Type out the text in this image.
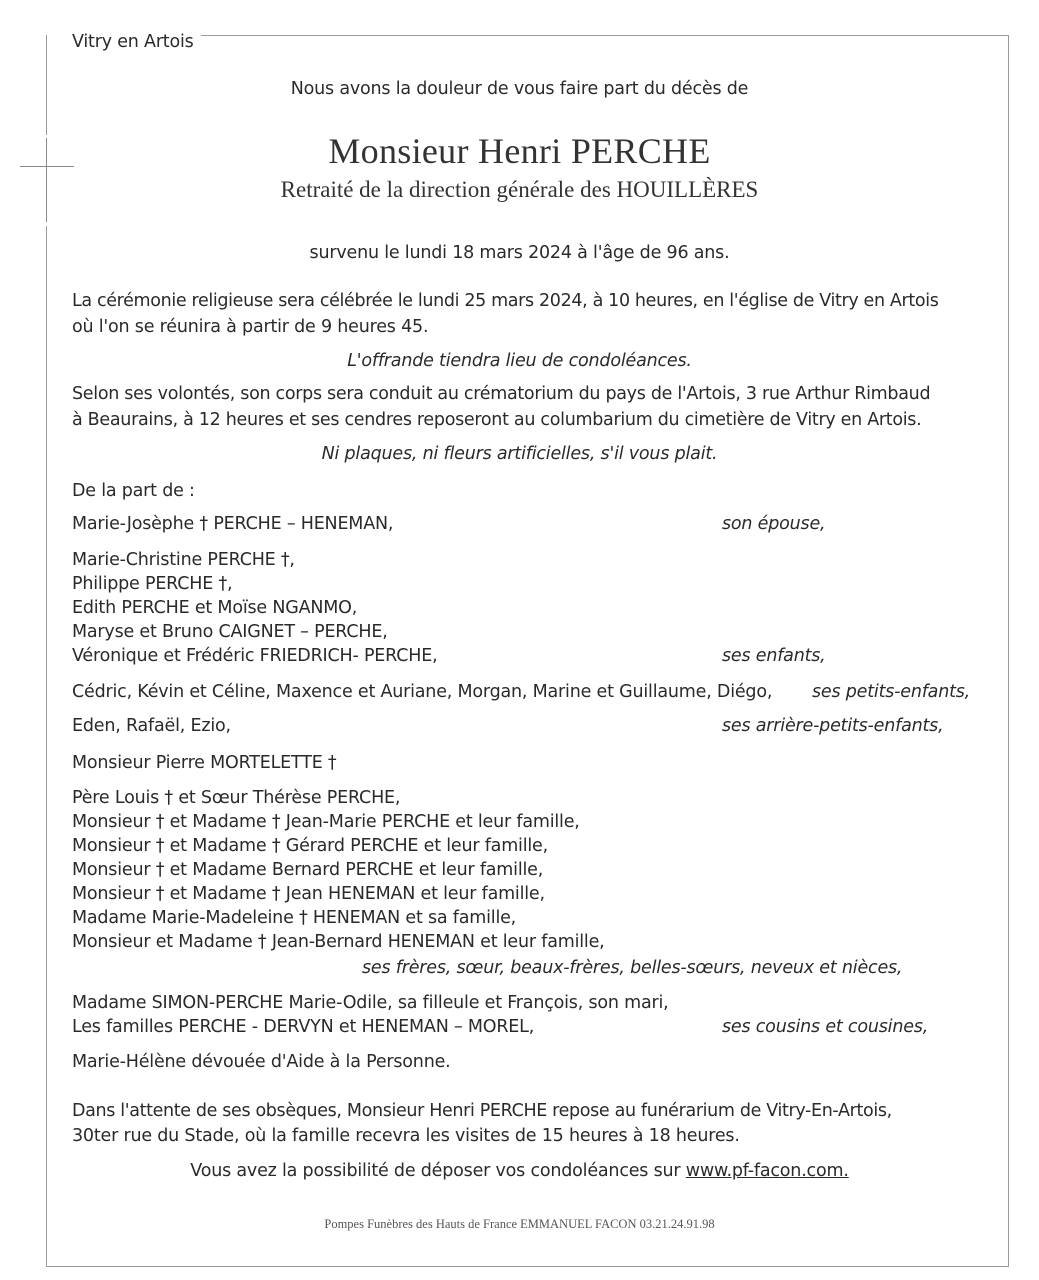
Vitry en Artois
Nous avons la douleur de vous faire part du décès de
Monsieur Henri PERCHE
Retraité de la direction générale des HOUILLÈRES
survenu le lundi 18 mars 2024 à l'âge de 96 ans.
La cérémonie religieuse sera célébrée le lundi 25 mars 2024, à 10 heures, en l'église de Vitry en Artois
où l'on se réunira à partir de 9 heures 45.
L'offrande tiendra lieu de condoléances.
Selon ses volontés, son corps sera conduit au crématorium du pays de l'Artois, 3 rue Arthur Rimbaud
à Beaurains, à 12 heures et ses cendres reposeront au columbarium du cimetière de Vitry en Artois.
Ni plaques, ni fleurs artificielles, s'il vous plait.
De la part de :
Marie-Josèphe † PERCHE – HENEMAN,	son épouse,
Marie-Christine PERCHE †,
Philippe PERCHE †,
Edith PERCHE et Moïse NGANMO,
Maryse et Bruno CAIGNET – PERCHE,
Véronique et Frédéric FRIEDRICH- PERCHE,	ses enfants,
Cédric, Kévin et Céline, Maxence et Auriane, Morgan, Marine et Guillaume, Diégo, ses petits-enfants,
Eden, Rafaël, Ezio,	ses arrière-petits-enfants,
Monsieur Pierre MORTELETTE †
Père Louis † et Sœur Thérèse PERCHE,
Monsieur † et Madame † Jean-Marie PERCHE et leur famille,
Monsieur † et Madame † Gérard PERCHE et leur famille,
Monsieur † et Madame Bernard PERCHE et leur famille,
Monsieur † et Madame † Jean HENEMAN et leur famille,
Madame Marie-Madeleine † HENEMAN et sa famille,
Monsieur et Madame † Jean-Bernard HENEMAN et leur famille,
ses frères, sœur, beaux-frères, belles-sœurs, neveux et nièces,
Madame SIMON-PERCHE Marie-Odile, sa filleule et François, son mari,
Les familles PERCHE - DERVYN et HENEMAN – MOREL,	ses cousins et cousines,
Marie-Hélène dévouée d'Aide à la Personne.
Dans l'attente de ses obsèques, Monsieur Henri PERCHE repose au funérarium de Vitry-En-Artois,
30ter rue du Stade, où la famille recevra les visites de 15 heures à 18 heures.
Vous avez la possibilité de déposer vos condoléances sur www.pf-facon.com.
Pompes Funèbres des Hauts de France EMMANUEL FACON 03.21.24.91.98
